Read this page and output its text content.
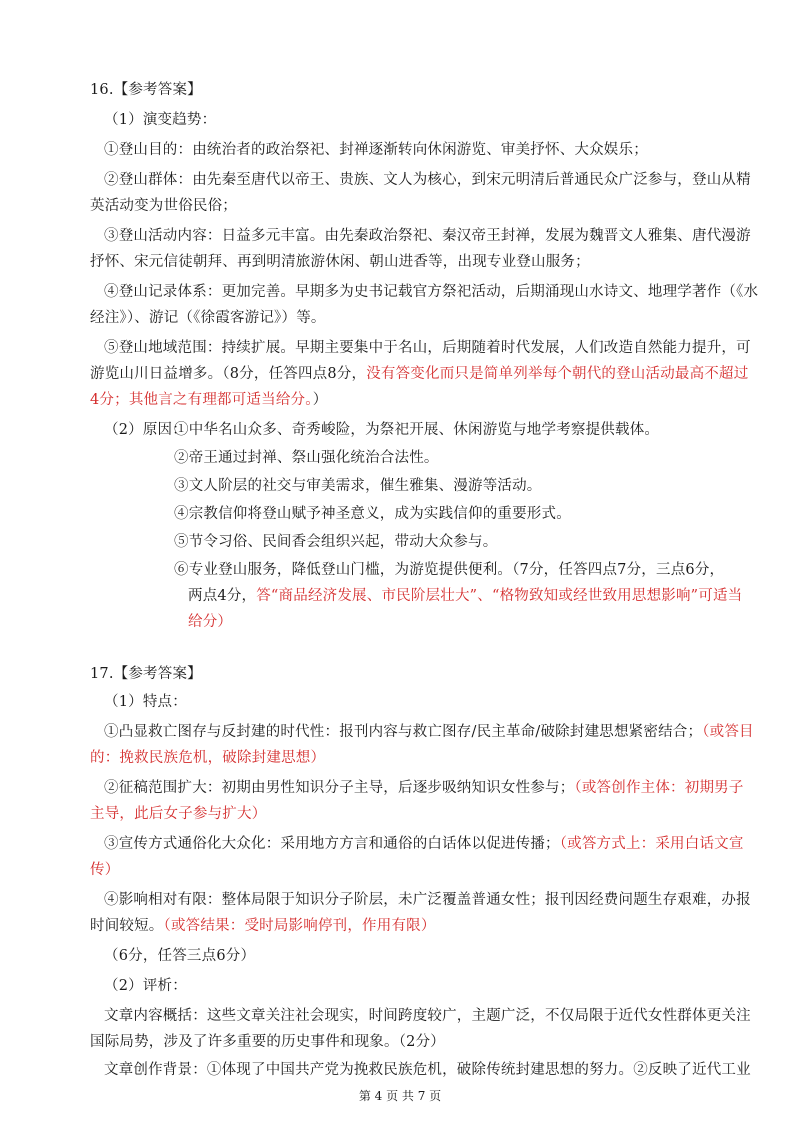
16.【参考答案】
（1）演变趋势：
①登山目的：由统治者的政治祭祀、封禅逐渐转向休闲游览、审美抒怀、大众娱乐；
②登山群体：由先秦至唐代以帝王、贵族、文人为核心，到宋元明清后普通民众广泛参与，登山从精
英活动变为世俗民俗；
③登山活动内容：日益多元丰富。由先秦政治祭祀、秦汉帝王封禅，发展为魏晋文人雅集、唐代漫游
抒怀、宋元信徒朝拜、再到明清旅游休闲、朝山进香等，出现专业登山服务；
④登山记录体系：更加完善。早期多为史书记载官方祭祀活动，后期涌现山水诗文、地理学著作（《水
经注》）、游记（《徐霞客游记》）等。
⑤登山地域范围：持续扩展。早期主要集中于名山，后期随着时代发展，人们改造自然能力提升，可
游览山川日益增多。（8分，任答四点8分，没有答变化而只是简单列举每个朝代的登山活动最高不超过
4分；其他言之有理都可适当给分。）
（2）原因：
①中华名山众多、奇秀峻险，为祭祀开展、休闲游览与地学考察提供载体。
②帝王通过封禅、祭山强化统治合法性。
③文人阶层的社交与审美需求，催生雅集、漫游等活动。
④宗教信仰将登山赋予神圣意义，成为实践信仰的重要形式。
⑤节令习俗、民间香会组织兴起，带动大众参与。
⑥专业登山服务，降低登山门槛，为游览提供便利。（7分，任答四点7分，三点6分，
两点4分，答“商品经济发展、市民阶层壮大”、“格物致知或经世致用思想影响”可适当
给分）
17.【参考答案】
（1）特点：
①凸显救亡图存与反封建的时代性：报刊内容与救亡图存/民主革命/破除封建思想紧密结合；（或答目
的：挽救民族危机，破除封建思想）
②征稿范围扩大：初期由男性知识分子主导，后逐步吸纳知识女性参与；（或答创作主体：初期男子
主导，此后女子参与扩大）
③宣传方式通俗化大众化：采用地方方言和通俗的白话体以促进传播；（或答方式上：采用白话文宣
传）
④影响相对有限：整体局限于知识分子阶层，未广泛覆盖普通女性；报刊因经费问题生存艰难，办报
时间较短。（或答结果：受时局影响停刊，作用有限）
（6分，任答三点6分）
（2）评析：
文章内容概括：这些文章关注社会现实，时间跨度较广，主题广泛，不仅局限于近代女性群体更关注
国际局势，涉及了许多重要的历史事件和现象。（2分）
文章创作背景：①体现了中国共产党为挽救民族危机，破除传统封建思想的努力。②反映了近代工业
第 4 页 共 7 页
